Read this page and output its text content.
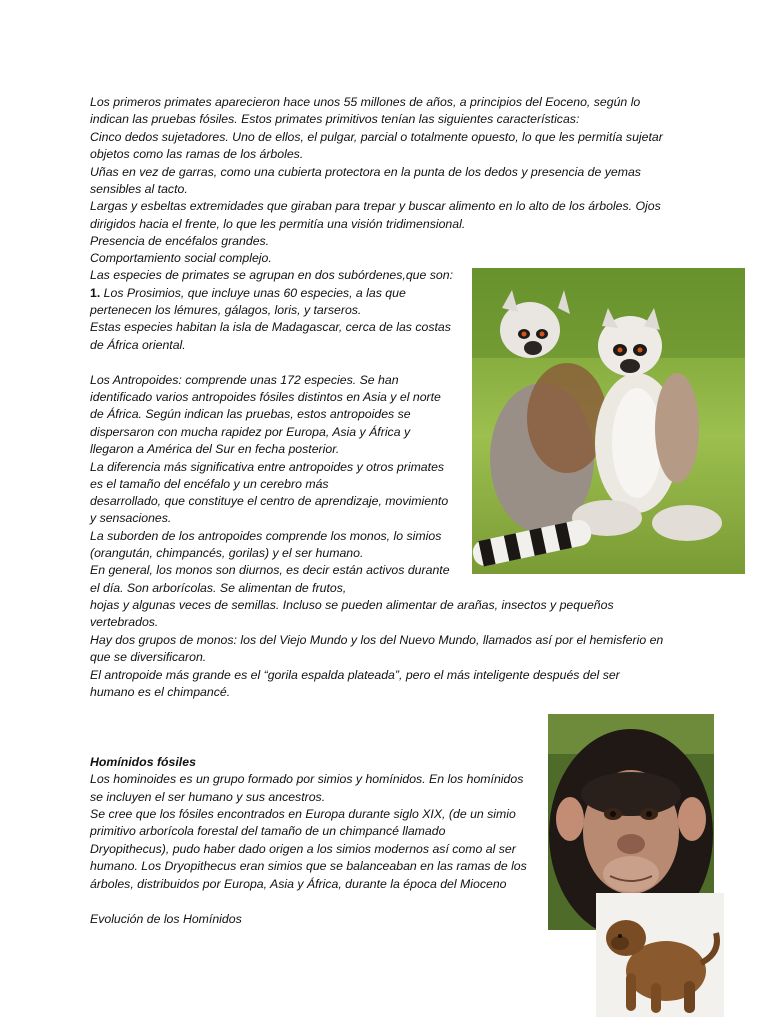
Los primeros primates aparecieron hace unos 55 millones de años, a principios del Eoceno, según lo
indican las pruebas fósiles. Estos primates primitivos tenían las siguientes características:
Cinco dedos sujetadores. Uno de ellos, el pulgar, parcial o totalmente opuesto, lo que les permitía sujetar
objetos como las ramas de los árboles.
Uñas en vez de garras, como una cubierta protectora en la punta de los dedos y presencia de yemas
sensibles al tacto.
Largas y esbeltas extremidades que giraban para trepar y buscar alimento en lo alto de los árboles. Ojos
dirigidos hacia el frente, lo que les permitía una visión tridimensional.
Presencia de encéfalos grandes.
Comportamiento social complejo.
Las especies de primates se agrupan en dos subórdenes,que son:
1. Los Prosimios, que incluye unas 60 especies, a las que
pertenecen los lémures, gálagos, loris, y tarseros.
Estas especies habitan la isla de Madagascar, cerca de las costas
de África oriental.
Los Antropoides: comprende unas 172 especies. Se han
identificado varios antropoides fósiles distintos en Asia y el norte
de África. Según indican las pruebas, estos antropoides se
dispersaron con mucha rapidez por Europa, Asia y África y
llegaron a América del Sur en fecha posterior.
La diferencia más significativa entre antropoides y otros primates
es el tamaño del encéfalo y un cerebro más
desarrollado, que constituye el centro de aprendizaje, movimiento
y sensaciones.
La suborden de los antropoides comprende los monos, lo simios
(orangután, chimpancés, gorilas) y el ser humano.
En general, los monos son diurnos, es decir están activos durante
el día. Son arborícolas. Se alimentan de frutos,
hojas y algunas veces de semillas. Incluso se pueden alimentar de arañas, insectos y pequeños
vertebrados.
Hay dos grupos de monos: los del Viejo Mundo y los del Nuevo Mundo, llamados así por el hemisferio en
que se diversificaron.
El antropoide más grande es el “gorila espalda plateada”, pero el más inteligente después del ser
humano es el chimpancé.
Homínidos fósiles
Los hominoides es un grupo formado por simios y homínidos. En los homínidos
se incluyen el ser humano y sus ancestros.
Se cree que los fósiles encontrados en Europa durante siglo XIX, (de un simio
primitivo arborícola forestal del tamaño de un chimpancé llamado
Dryopithecus), pudo haber dado origen a los simios modernos así como al ser
humano. Los Dryopithecus eran simios que se balanceaban en las ramas de los
árboles, distribuidos por Europa, Asia y África, durante la época del Mioceno
Evolución de los Homínidos
